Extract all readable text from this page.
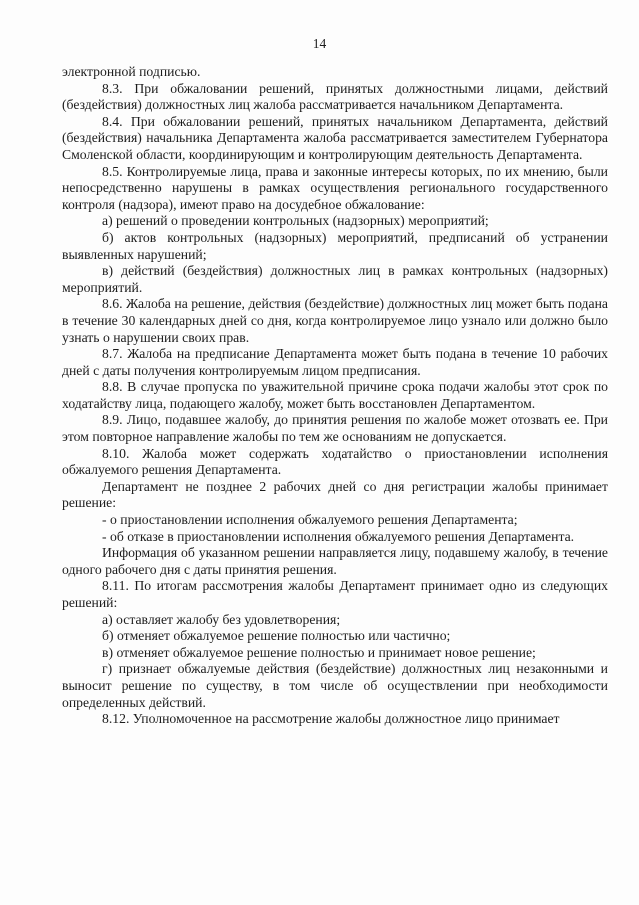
14

электронной подписью.

8.3. При обжаловании решений, принятых должностными лицами, действий (бездействия) должностных лиц жалоба рассматривается начальником Департамента.

8.4. При обжаловании решений, принятых начальником Департамента, действий (бездействия) начальника Департамента жалоба рассматривается заместителем Губернатора Смоленской области, координирующим и контролирующим деятельность Департамента.

8.5. Контролируемые лица, права и законные интересы которых, по их мнению, были непосредственно нарушены в рамках осуществления регионального государственного контроля (надзора), имеют право на досудебное обжалование:

а) решений о проведении контрольных (надзорных) мероприятий;

б) актов контрольных (надзорных) мероприятий, предписаний об устранении выявленных нарушений;

в) действий (бездействия) должностных лиц в рамках контрольных (надзорных) мероприятий.

8.6. Жалоба на решение, действия (бездействие) должностных лиц может быть подана в течение 30 календарных дней со дня, когда контролируемое лицо узнало или должно было узнать о нарушении своих прав.

8.7. Жалоба на предписание Департамента может быть подана в течение 10 рабочих дней с даты получения контролируемым лицом предписания.

8.8. В случае пропуска по уважительной причине срока подачи жалобы этот срок по ходатайству лица, подающего жалобу, может быть восстановлен Департаментом.

8.9. Лицо, подавшее жалобу, до принятия решения по жалобе может отозвать ее. При этом повторное направление жалобы по тем же основаниям не допускается.

8.10. Жалоба может содержать ходатайство о приостановлении исполнения обжалуемого решения Департамента.

Департамент не позднее 2 рабочих дней со дня регистрации жалобы принимает решение:

- о приостановлении исполнения обжалуемого решения Департамента;

- об отказе в приостановлении исполнения обжалуемого решения Департамента.

Информация об указанном решении направляется лицу, подавшему жалобу, в течение одного рабочего дня с даты принятия решения.

8.11. По итогам рассмотрения жалобы Департамент принимает одно из следующих решений:

а) оставляет жалобу без удовлетворения;

б) отменяет обжалуемое решение полностью или частично;

в) отменяет обжалуемое решение полностью и принимает новое решение;

г) признает обжалуемые действия (бездействие) должностных лиц незаконными и выносит решение по существу, в том числе об осуществлении при необходимости определенных действий.

8.12. Уполномоченное на рассмотрение жалобы должностное лицо принимает
